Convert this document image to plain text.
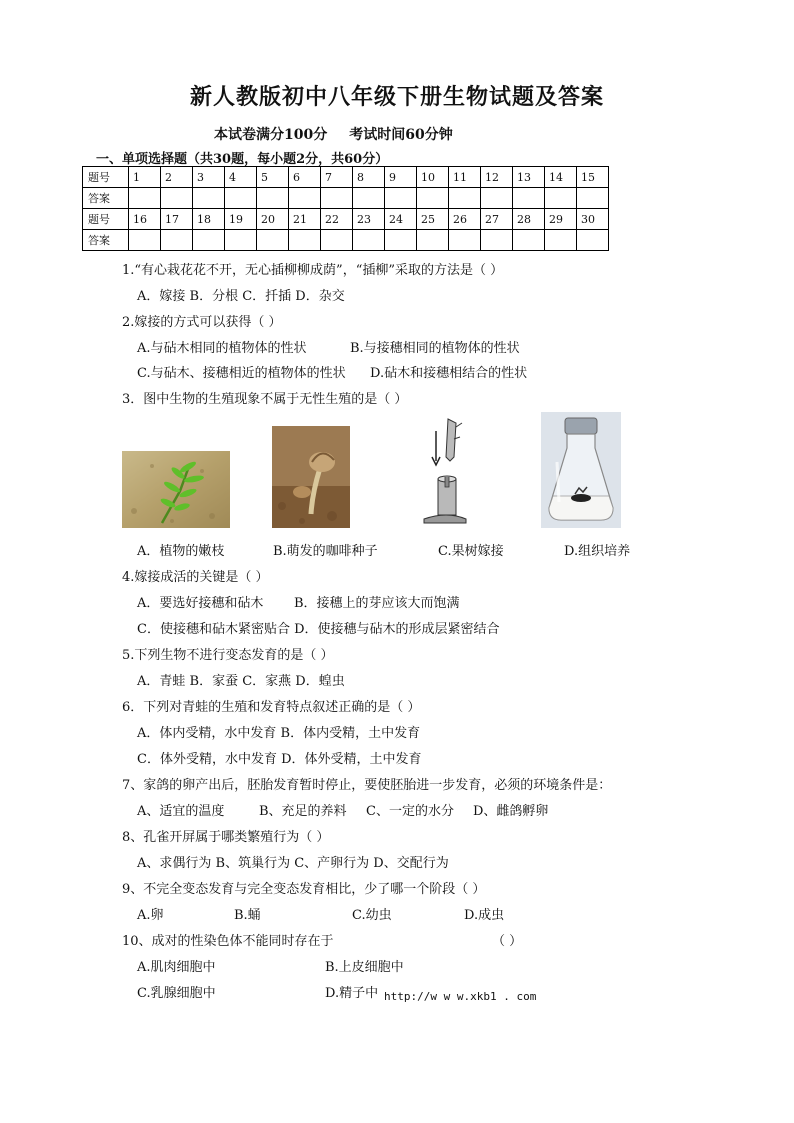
新人教版初中八年级下册生物试题及答案
本试卷满分100分 考试时间60分钟
一、单项选择题（共30题，每小题2分，共60分）
题号	1	2	3	4	5	6	7	8	9	10	11	12	13	14	15
答案															
题号	16	17	18	19	20	21	22	23	24	25	26	27	28	29	30
答案															
1.“有心栽花花不开，无心插柳柳成荫”，“插柳”采取的方法是（ ）
A．嫁接 B．分根 C．扦插 D．杂交
2.嫁接的方式可以获得（ ）
A.与砧木相同的植物体的性状	B.与接穗相同的植物体的性状
C.与砧木、接穗相近的植物体的性状 D.砧木和接穗相结合的性状
3．图中生物的生殖现象不属于无性生殖的是（ ）
A．植物的嫩枝	B.萌发的咖啡种子	C.果树嫁接	D.组织培养
4.嫁接成活的关键是（ ）
A．要选好接穗和砧木 B．接穗上的芽应该大而饱满
C．使接穗和砧木紧密贴合 D．使接穗与砧木的形成层紧密结合
5.下列生物不进行变态发育的是（ ）
A．青蛙 B．家蚕 C．家燕 D．蝗虫
6．下列对青蛙的生殖和发育特点叙述正确的是（ ）
A．体内受精，水中发育 B．体内受精，土中发育
C．体外受精，水中发育 D．体外受精，土中发育
7、家鸽的卵产出后，胚胎发育暂时停止，要使胚胎进一步发育，必须的环境条件是：
A、适宜的温度	B、充足的养料 C、一定的水分 D、雌鸽孵卵
8、孔雀开屏属于哪类繁殖行为（ ）
A、求偶行为 B、筑巢行为 C、产卵行为 D、交配行为
9、不完全变态发育与完全变态发育相比，少了哪一个阶段（ ）
A.卵	B.蛹	C.幼虫	D.成虫
10、成对的性染色体不能同时存在于	（ ）
A.肌肉细胞中	B.上皮细胞中
C.乳腺细胞中	D.精子中 http://w w w.xkb1 . com
